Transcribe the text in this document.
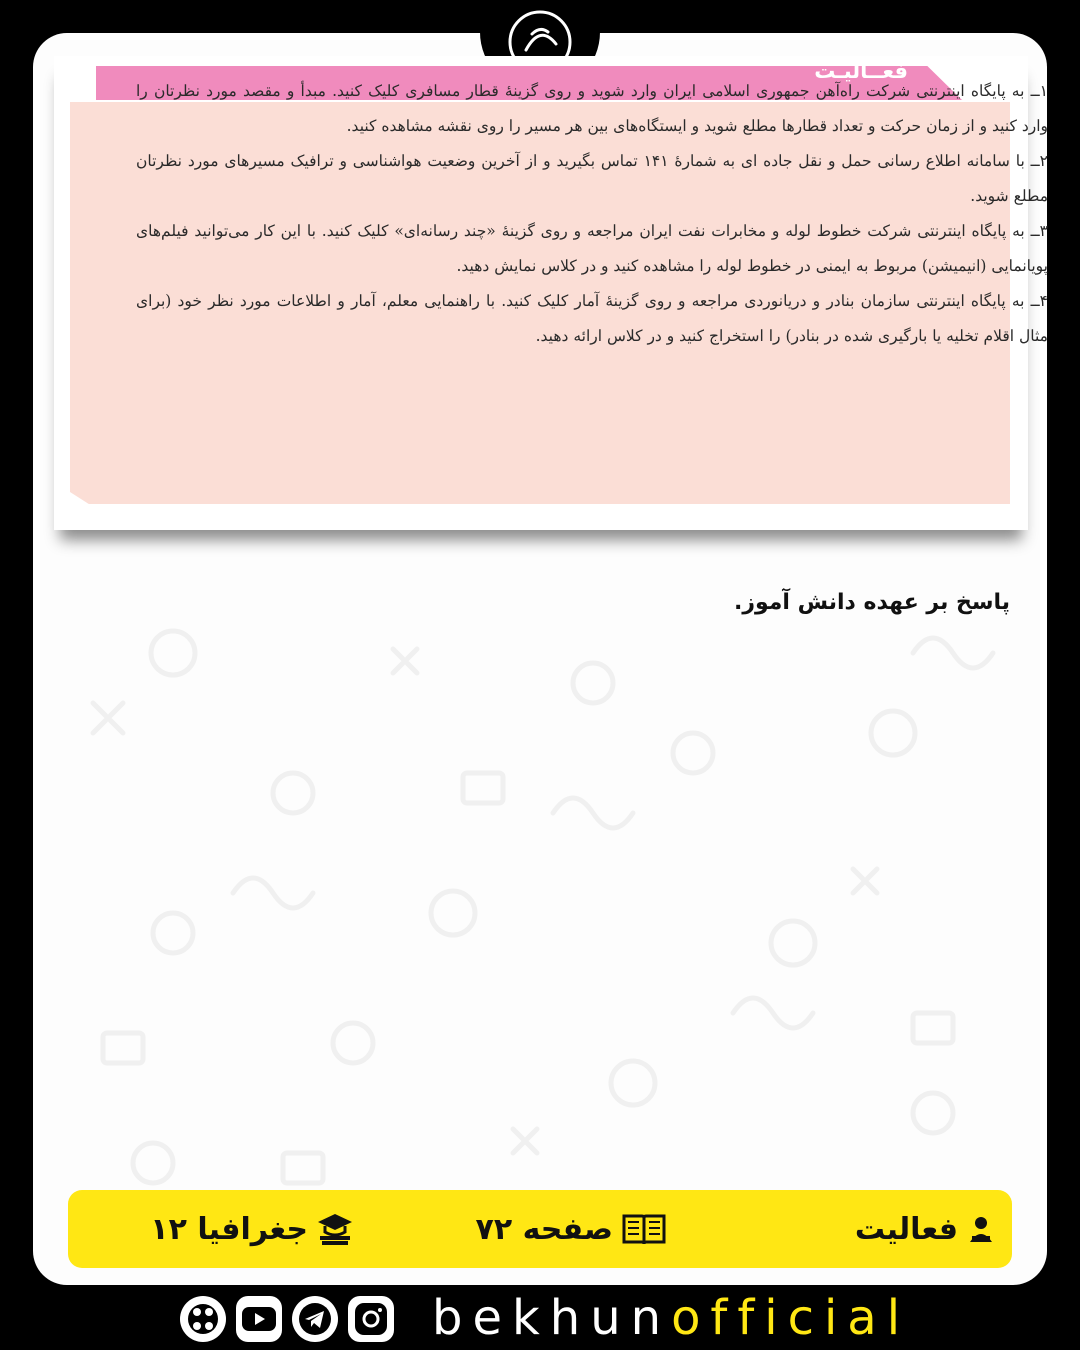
فعــالیـت

۱ــ به پایگاه اینترنتی شرکت راه‌آهن جمهوری اسلامی ایران وارد شوید و روی گزینهٔ قطار مسافری کلیک کنید. مبدأ و مقصد مورد نظرتان را وارد کنید و از زمان حرکت و تعداد قطارها مطلع شوید و ایستگاه‌های بین هر مسیر را روی نقشه مشاهده کنید.

۲ــ با سامانه اطلاع رسانی حمل و نقل جاده ای به شمارهٔ ۱۴۱ تماس بگیرید و از آخرین وضعیت هواشناسی و ترافیک مسیرهای مورد نظرتان مطلع شوید.

۳ــ به پایگاه اینترنتی شرکت خطوط لوله و مخابرات نفت ایران مراجعه و روی گزینهٔ «چند رسانه‌ای» کلیک کنید. با این کار می‌توانید فیلم‌های پویانمایی (انیمیشن) مربوط به ایمنی در خطوط لوله را مشاهده کنید و در کلاس نمایش دهید.

۴ــ به پایگاه اینترنتی سازمان بنادر و دریانوردی مراجعه و روی گزینهٔ آمار کلیک کنید. با راهنمایی معلم، آمار و اطلاعات مورد نظر خود (برای مثال اقلام تخلیه یا بارگیری شده در بنادر) را استخراج کنید و در کلاس ارائه دهید.

پاسخ بر عهده دانش آموز.
فعالیت
صفحه ۷۲
جغرافیا ۱۲
bekhunofficial
